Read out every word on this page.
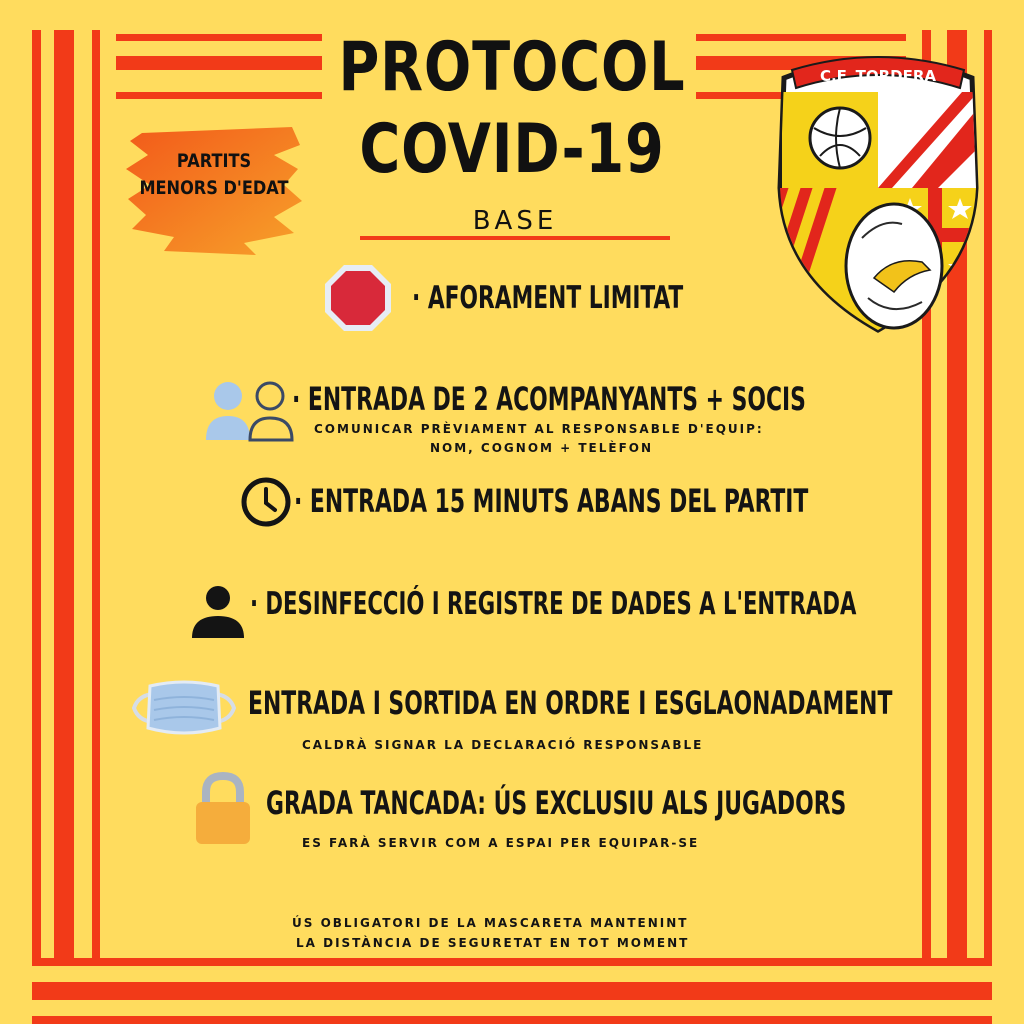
PROTOCOL
COVID-19
BASE
PARTITS
MENORS D'EDAT
C.F. TORDERA
· AFORAMENT LIMITAT
· ENTRADA DE 2 ACOMPANYANTS + SOCIS
COMUNICAR PRÈVIAMENT AL RESPONSABLE D'EQUIP:
NOM, COGNOM + TELÈFON
· ENTRADA 15 MINUTS ABANS DEL PARTIT
· DESINFECCIÓ I REGISTRE DE DADES A L'ENTRADA
ENTRADA I SORTIDA EN ORDRE I ESGLAONADAMENT
CALDRÀ SIGNAR LA DECLARACIÓ RESPONSABLE
GRADA TANCADA: ÚS EXCLUSIU ALS JUGADORS
ES FARÀ SERVIR COM A ESPAI PER EQUIPAR-SE
ÚS OBLIGATORI DE LA MASCARETA MANTENINT
LA DISTÀNCIA DE SEGURETAT EN TOT MOMENT
